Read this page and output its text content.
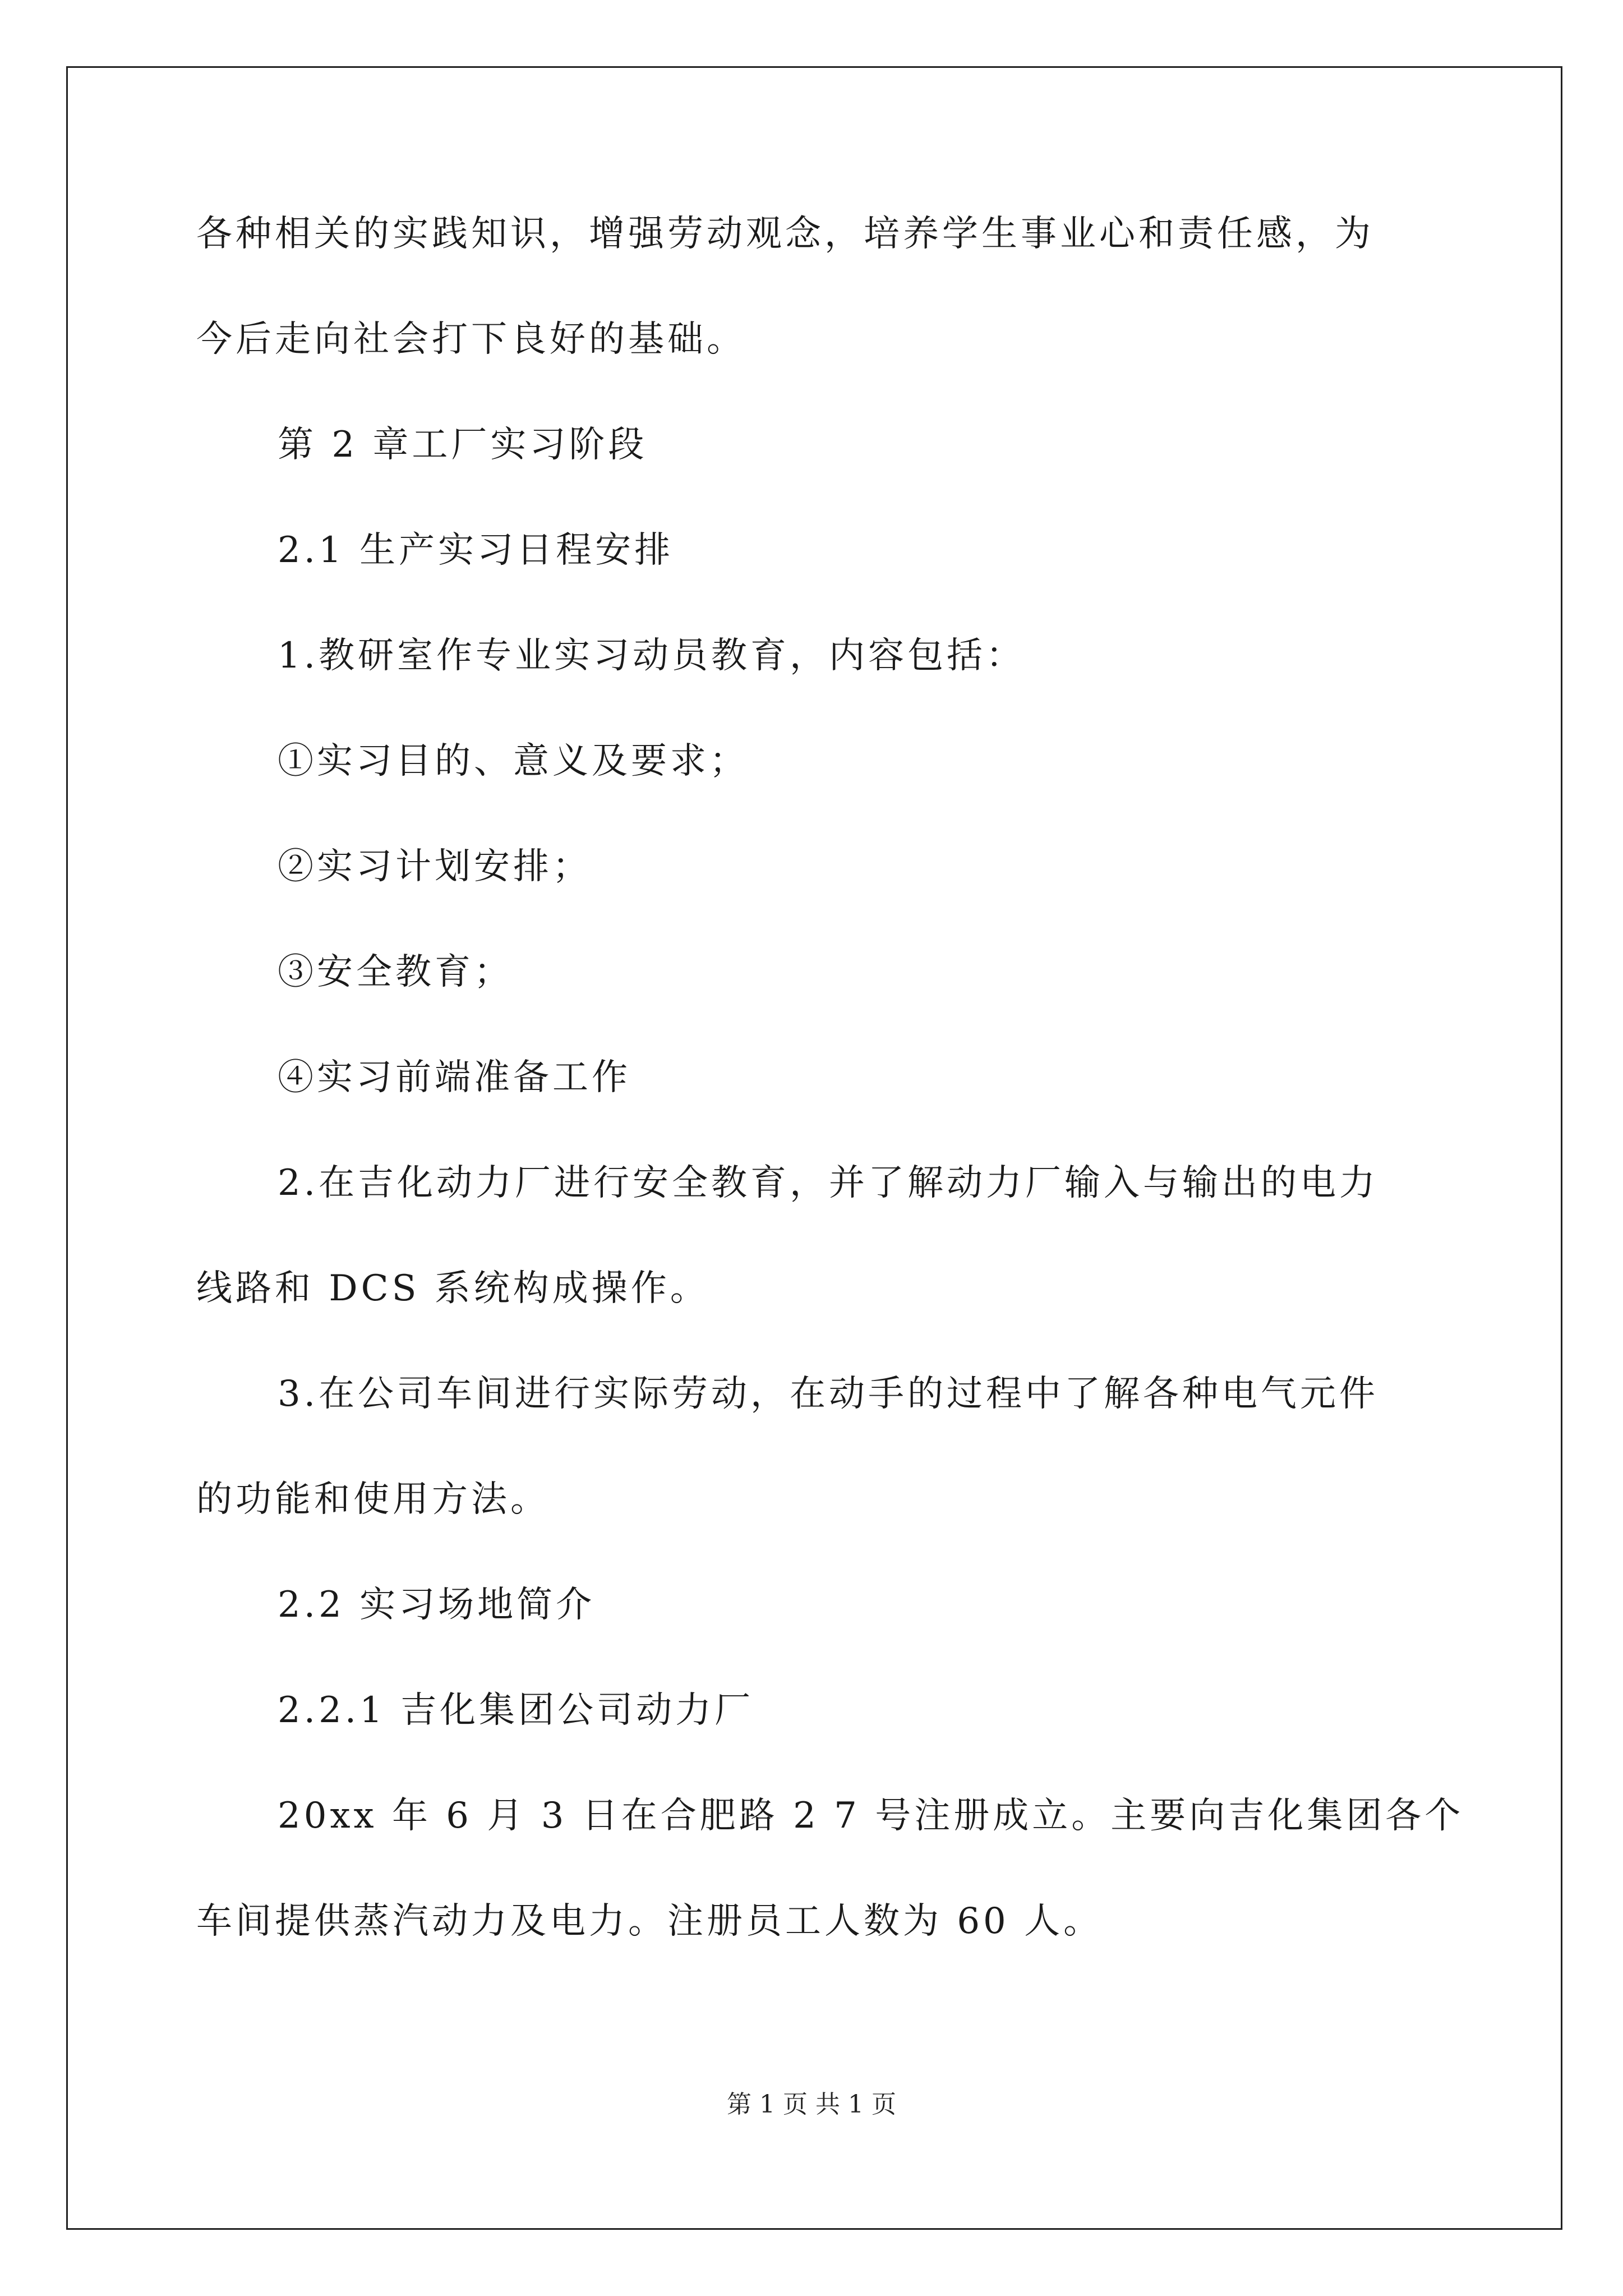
各种相关的实践知识，增强劳动观念，培养学生事业心和责任感，为
今后走向社会打下良好的基础。
第 2 章工厂实习阶段
2.1 生产实习日程安排
1.教研室作专业实习动员教育，内容包括：
①实习目的、意义及要求；
②实习计划安排；
③安全教育；
④实习前端准备工作
2.在吉化动力厂进行安全教育，并了解动力厂输入与输出的电力
线路和 DCS 系统构成操作。
3.在公司车间进行实际劳动，在动手的过程中了解各种电气元件
的功能和使用方法。
2.2 实习场地简介
2.2.1 吉化集团公司动力厂
20xx 年 6 月 3 日在合肥路 2 7 号注册成立。主要向吉化集团各个
车间提供蒸汽动力及电力。注册员工人数为 60 人。
第 1 页 共 1 页
